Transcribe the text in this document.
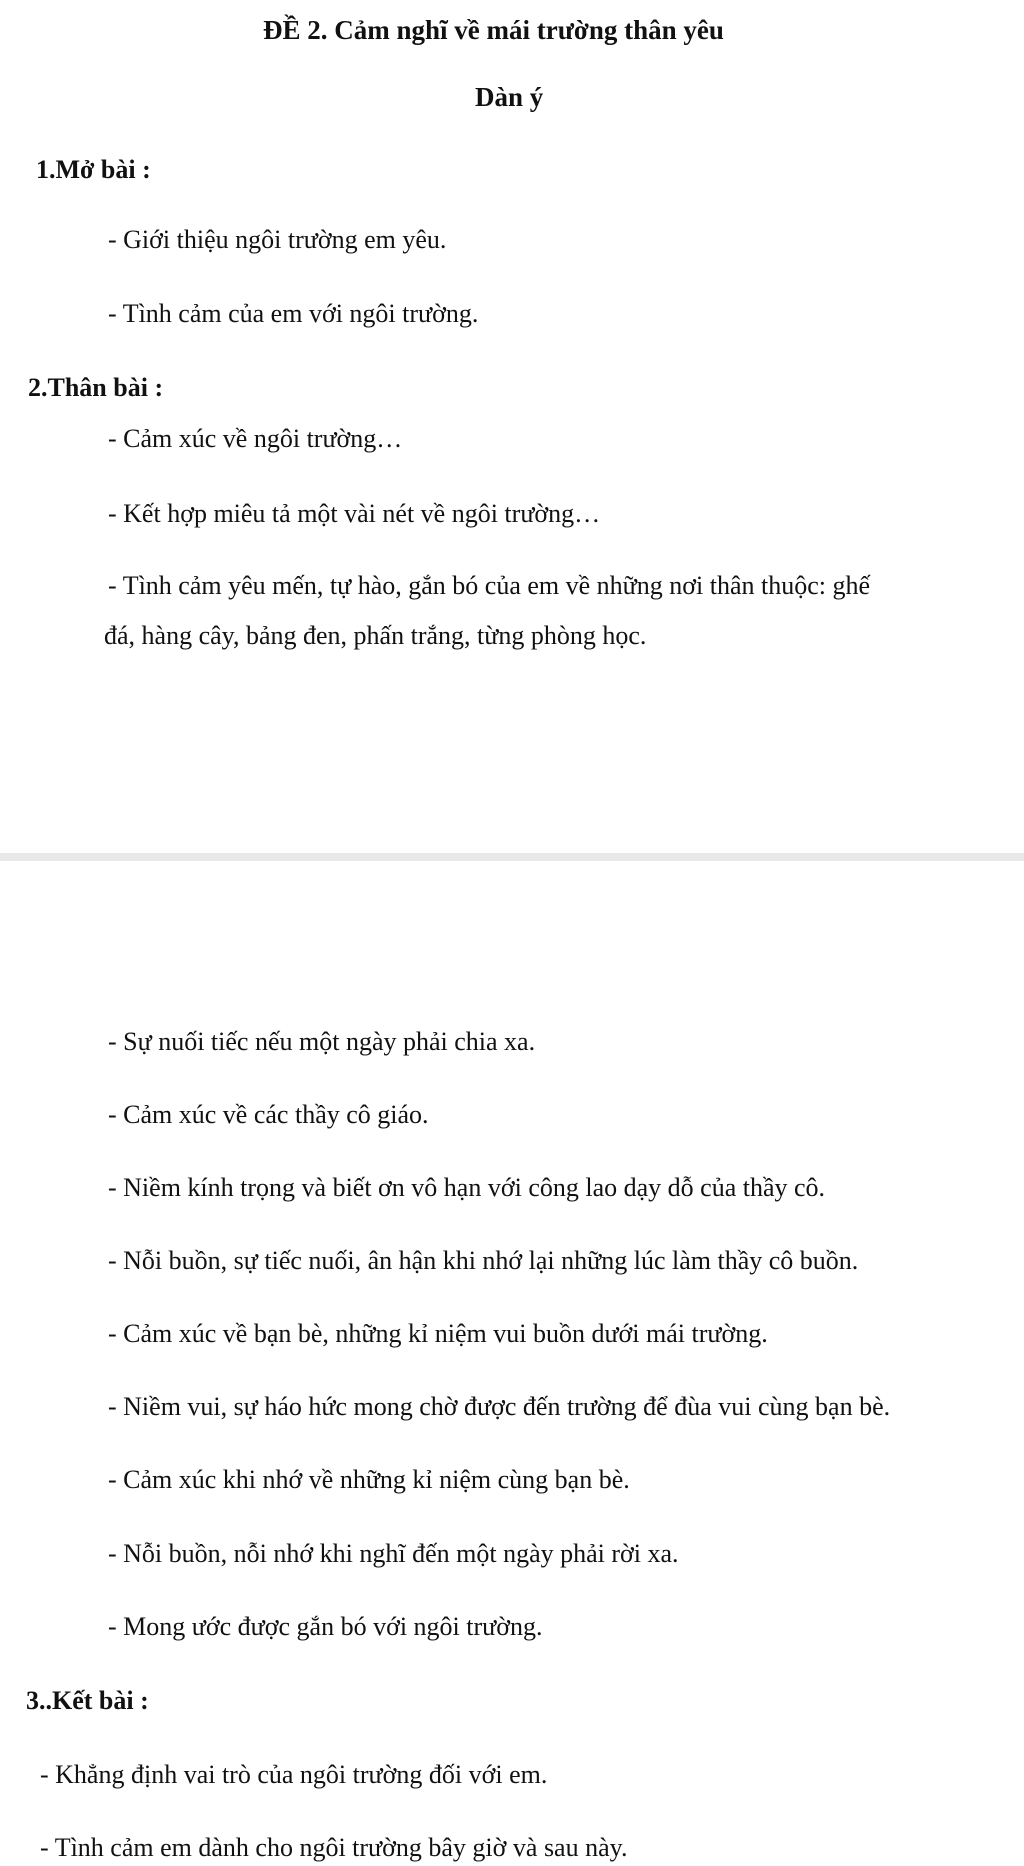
ĐỀ 2. Cảm nghĩ về mái trường thân yêu
Dàn ý
1.Mở bài :
- Giới thiệu ngôi trường em yêu.
- Tình cảm của em với ngôi trường.
2.Thân bài :
- Cảm xúc về ngôi trường…
- Kết hợp miêu tả một vài nét về ngôi trường…
- Tình cảm yêu mến, tự hào, gắn bó của em về những nơi thân thuộc: ghế
đá, hàng cây, bảng đen, phấn trắng, từng phòng học.
- Sự nuối tiếc nếu một ngày phải chia xa.
- Cảm xúc về các thầy cô giáo.
- Niềm kính trọng và biết ơn vô hạn với công lao dạy dỗ của thầy cô.
- Nỗi buồn, sự tiếc nuối, ân hận khi nhớ lại những lúc làm thầy cô buồn.
- Cảm xúc về bạn bè, những kỉ niệm vui buồn dưới mái trường.
- Niềm vui, sự háo hức mong chờ được đến trường để đùa vui cùng bạn bè.
- Cảm xúc khi nhớ về những kỉ niệm cùng bạn bè.
- Nỗi buồn, nỗi nhớ khi nghĩ đến một ngày phải rời xa.
- Mong ước được gắn bó với ngôi trường.
3..Kết bài :
- Khẳng định vai trò của ngôi trường đối với em.
- Tình cảm em dành cho ngôi trường bây giờ và sau này.
